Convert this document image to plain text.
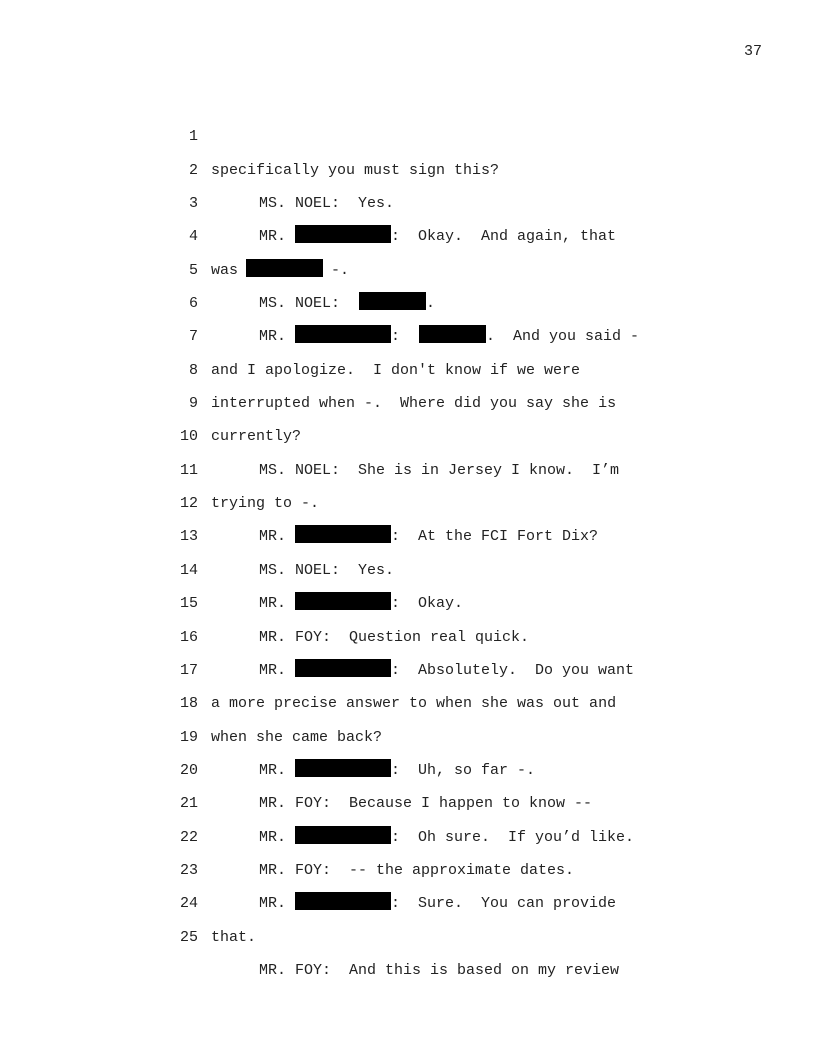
37

1

specifically you must sign this?

2

MS. NOEL:  Yes.

3

MR.	:  Okay.  And again, that

4

was	-.

5

MS. NOEL:	.

6

MR.	:	.  And you said -

7

and I apologize.  I don't know if we were

8

interrupted when -.  Where did you say she is

9

currently?

10

MS. NOEL:  She is in Jersey I know.  I’m

11

trying to -.

12

MR.	:  At the FCI Fort Dix?

13

MS. NOEL:  Yes.

14

MR.	:  Okay.

15

MR. FOY:  Question real quick.

16

MR.	:  Absolutely.  Do you want

17

a more precise answer to when she was out and

18

when she came back?

19

MR.	:  Uh, so far -.

20

MR. FOY:  Because I happen to know --

21

MR.	:  Oh sure.  If you’d like.

22

MR. FOY:  -- the approximate dates.

23

MR.	:  Sure.  You can provide

24

that.

25

MR. FOY:  And this is based on my review
